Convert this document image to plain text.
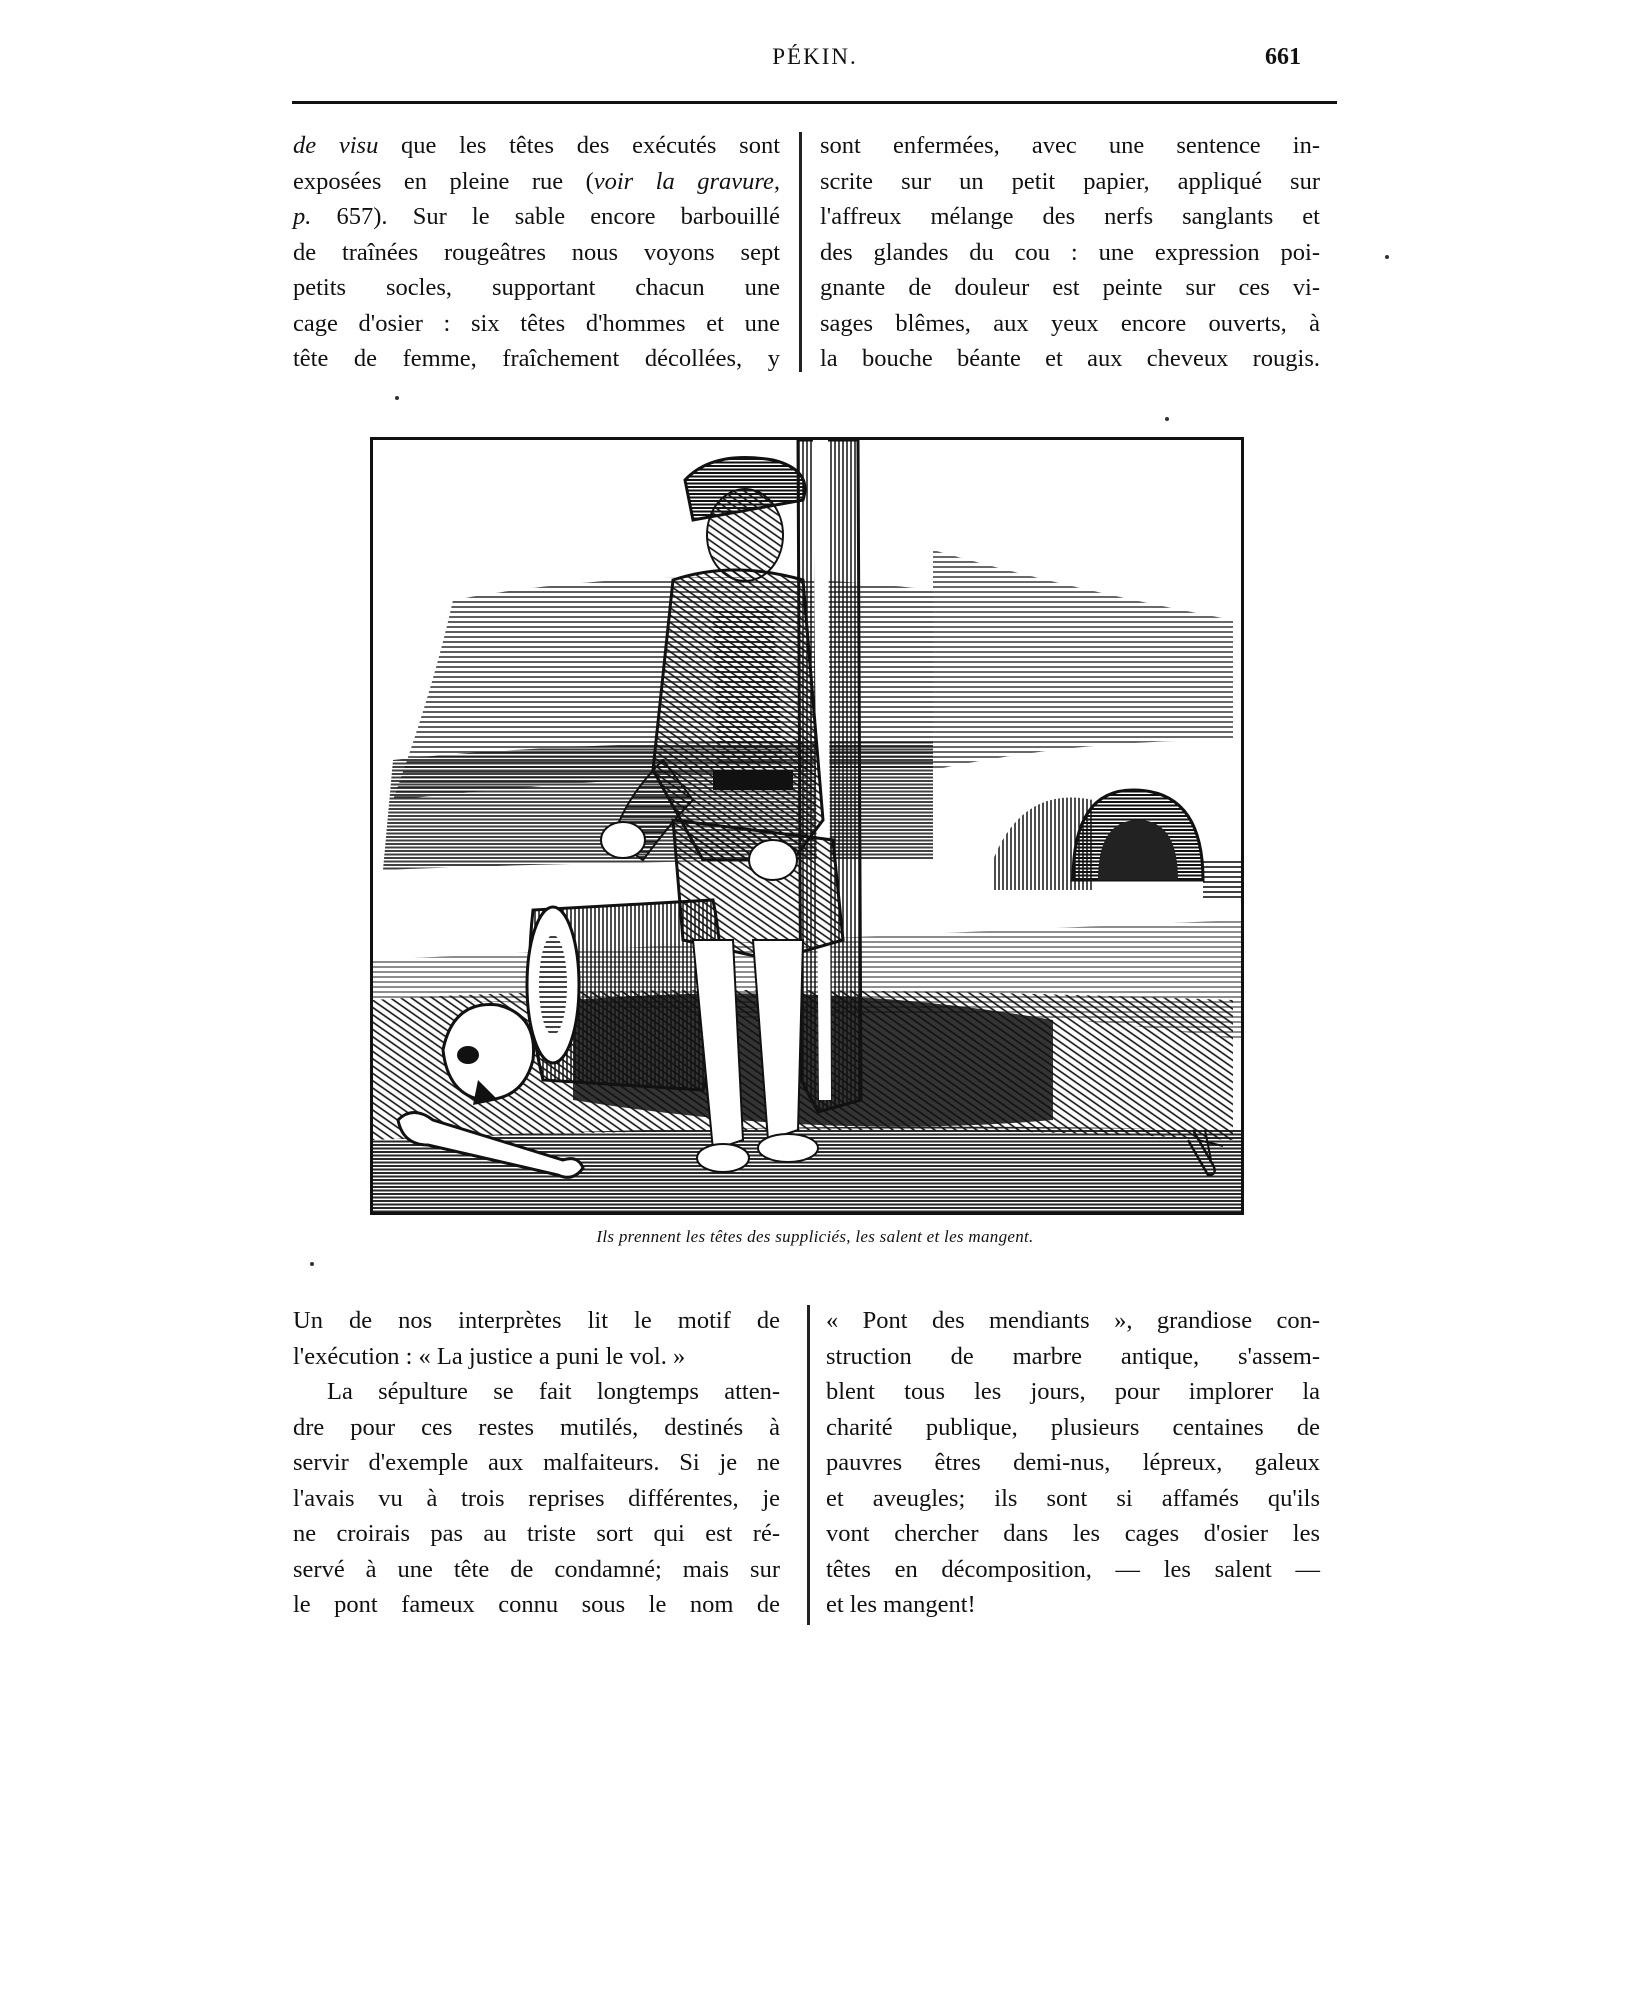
PÉKIN.	661
de visu que les têtes des exécutés sont
exposées en pleine rue (voir la gravure,
p. 657). Sur le sable encore barbouillé
de traînées rougeâtres nous voyons sept
petits socles, supportant chacun une
cage d'osier : six têtes d'hommes et une
tête de femme, fraîchement décollées, y
sont enfermées, avec une sentence in-
scrite sur un petit papier, appliqué sur
l'affreux mélange des nerfs sanglants et
des glandes du cou : une expression poi-
gnante de douleur est peinte sur ces vi-
sages blêmes, aux yeux encore ouverts, à
la bouche béante et aux cheveux rougis.
Ils prennent les têtes des suppliciés, les salent et les mangent.
Un de nos interprètes lit le motif de
l'exécution : « La justice a puni le vol. »
La sépulture se fait longtemps atten-
dre pour ces restes mutilés, destinés à
servir d'exemple aux malfaiteurs. Si je ne
l'avais vu à trois reprises différentes, je
ne croirais pas au triste sort qui est ré-
servé à une tête de condamné; mais sur
le pont fameux connu sous le nom de
« Pont des mendiants », grandiose con-
struction de marbre antique, s'assem-
blent tous les jours, pour implorer la
charité publique, plusieurs centaines de
pauvres êtres demi-nus, lépreux, galeux
et aveugles; ils sont si affamés qu'ils
vont chercher dans les cages d'osier les
têtes en décomposition, — les salent —
et les mangent!
